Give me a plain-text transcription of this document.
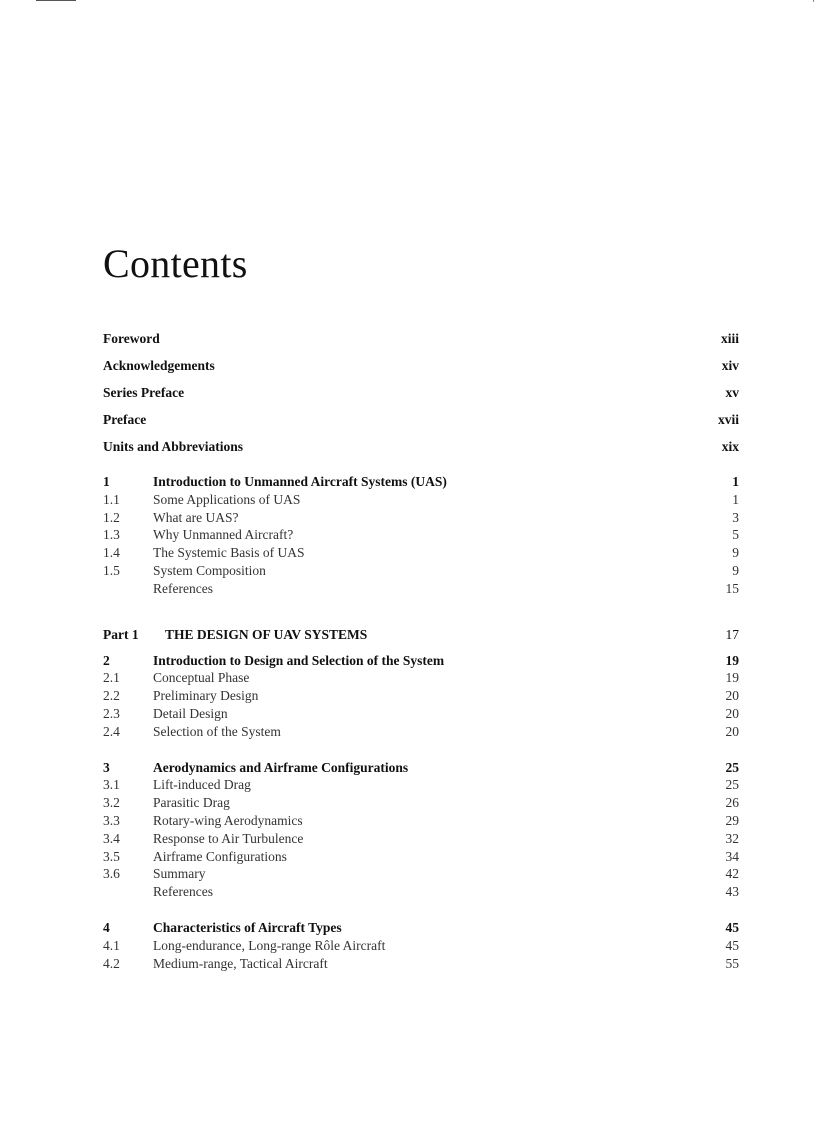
Contents
Foreword	xiii
Acknowledgements	xiv
Series Preface	xv
Preface	xvii
Units and Abbreviations	xix
1	Introduction to Unmanned Aircraft Systems (UAS)	1
1.1	Some Applications of UAS	1
1.2	What are UAS?	3
1.3	Why Unmanned Aircraft?	5
1.4	The Systemic Basis of UAS	9
1.5	System Composition	9
References	15
Part 1	THE DESIGN OF UAV SYSTEMS	17
2	Introduction to Design and Selection of the System	19
2.1	Conceptual Phase	19
2.2	Preliminary Design	20
2.3	Detail Design	20
2.4	Selection of the System	20
3	Aerodynamics and Airframe Configurations	25
3.1	Lift-induced Drag	25
3.2	Parasitic Drag	26
3.3	Rotary-wing Aerodynamics	29
3.4	Response to Air Turbulence	32
3.5	Airframe Configurations	34
3.6	Summary	42
References	43
4	Characteristics of Aircraft Types	45
4.1	Long-endurance, Long-range Rôle Aircraft	45
4.2	Medium-range, Tactical Aircraft	55
